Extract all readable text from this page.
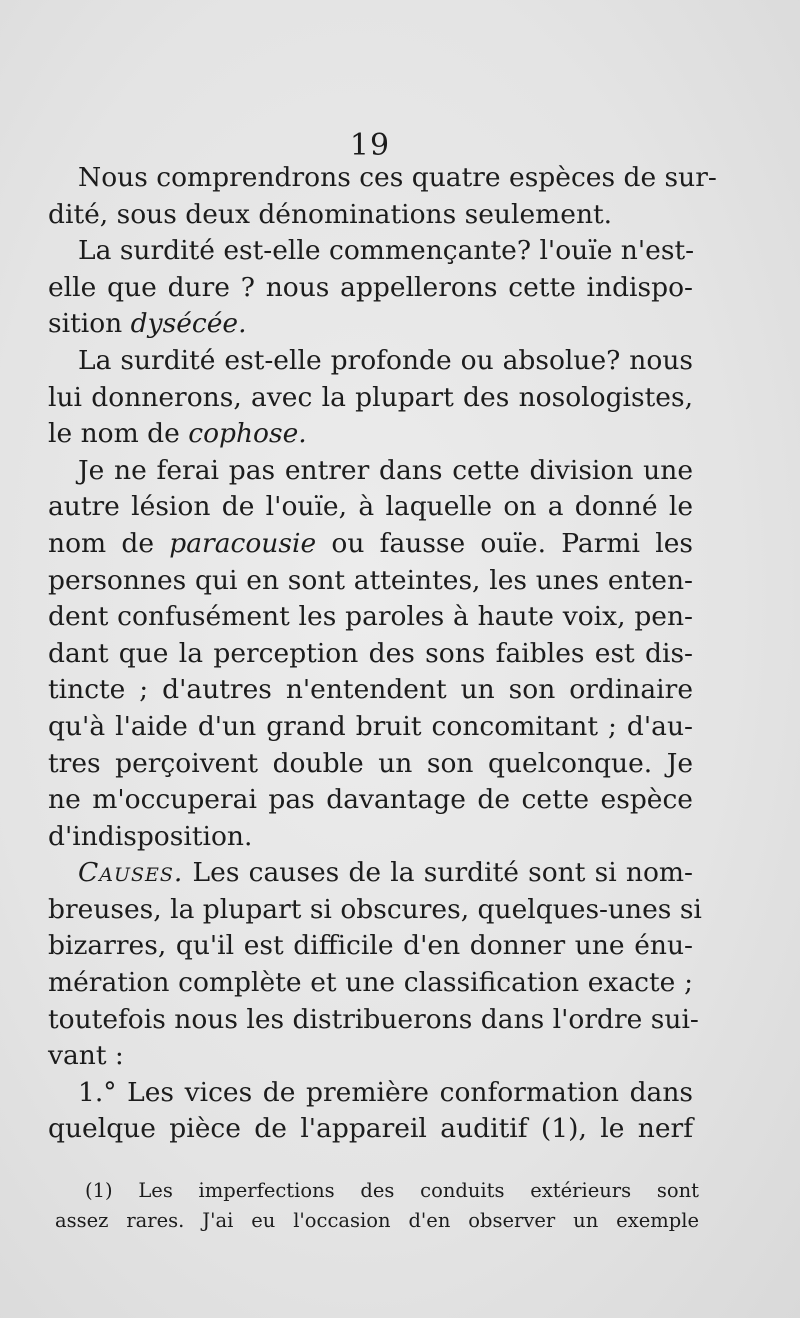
19
Nous comprendrons ces quatre espèces de sur-
dité, sous deux dénominations seulement.
La surdité est-elle commençante? l'ouïe n'est-
elle que dure ? nous appellerons cette indispo-
sition dysécée.
La surdité est-elle profonde ou absolue? nous
lui donnerons, avec la plupart des nosologistes,
le nom de cophose.
Je ne ferai pas entrer dans cette division une
autre lésion de l'ouïe, à laquelle on a donné le
nom de paracousie ou fausse ouïe. Parmi les
personnes qui en sont atteintes, les unes enten-
dent confusément les paroles à haute voix, pen-
dant que la perception des sons faibles est dis-
tincte ; d'autres n'entendent un son ordinaire
qu'à l'aide d'un grand bruit concomitant ; d'au-
tres perçoivent double un son quelconque. Je
ne m'occuperai pas davantage de cette espèce
d'indisposition.
Causes. Les causes de la surdité sont si nom-
breuses, la plupart si obscures, quelques-unes si
bizarres, qu'il est difficile d'en donner une énu-
mération complète et une classification exacte ;
toutefois nous les distribuerons dans l'ordre sui-
vant :
1.° Les vices de première conformation dans
quelque pièce de l'appareil auditif (1), le nerf
(1) Les imperfections des conduits extérieurs sont
assez rares. J'ai eu l'occasion d'en observer un exemple
